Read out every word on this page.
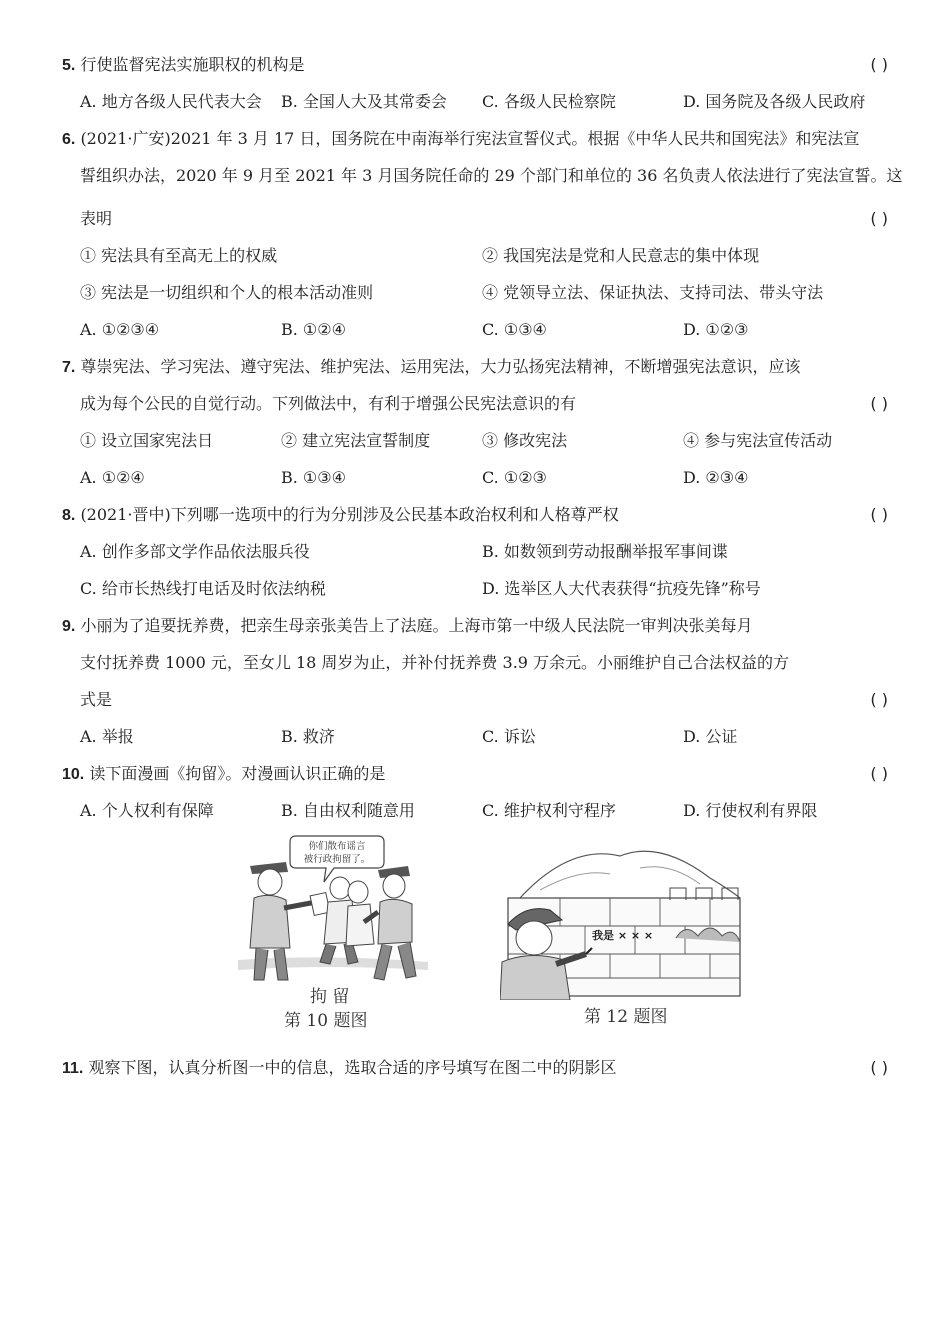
5. 行使监督宪法实施职权的机构是	( )
A. 地方各级人民代表大会 B. 全国人大及其常委会 C. 各级人民检察院	D. 国务院及各级人民政府
6. (2021·广安)2021 年 3 月 17 日，国务院在中南海举行宪法宣誓仪式。根据《中华人民共和国宪法》和宪法宣
誓组织办法，2020 年 9 月至 2021 年 3 月国务院任命的 29 个部门和单位的 36 名负责人依法进行了宪法宣誓。这
表明	( )
① 宪法具有至高无上的权威	② 我国宪法是党和人民意志的集中体现
③ 宪法是一切组织和个人的根本活动准则	④ 党领导立法、保证执法、支持司法、带头守法
A. ①②③④	B. ①②④	C. ①③④	D. ①②③
7. 尊崇宪法、学习宪法、遵守宪法、维护宪法、运用宪法，大力弘扬宪法精神，不断增强宪法意识，应该
成为每个公民的自觉行动。下列做法中，有利于增强公民宪法意识的有	( )
① 设立国家宪法日	② 建立宪法宣誓制度	③ 修改宪法	④ 参与宪法宣传活动
A. ①②④	B. ①③④	C. ①②③	D. ②③④
8. (2021·晋中)下列哪一选项中的行为分别涉及公民基本政治权利和人格尊严权	( )
A. 创作多部文学作品依法服兵役	B. 如数领到劳动报酬举报军事间谍
C. 给市长热线打电话及时依法纳税	D. 选举区人大代表获得“抗疫先锋”称号
9. 小丽为了追要抚养费，把亲生母亲张美告上了法庭。上海市第一中级人民法院一审判决张美每月
支付抚养费 1000 元，至女儿 18 周岁为止，并补付抚养费 3.9 万余元。小丽维护自己合法权益的方
式是	( )
A. 举报	B. 救济	C. 诉讼	D. 公证
10. 读下面漫画《拘留》。对漫画认识正确的是	( )
A. 个人权利有保障	B. 自由权利随意用	C. 维护权利守程序	D. 行使权利有界限
你们散布谣言
被行政拘留了。
拘 留
第 10 题图
我是 × × ×
第 12 题图
11. 观察下图，认真分析图一中的信息，选取合适的序号填写在图二中的阴影区	( )
